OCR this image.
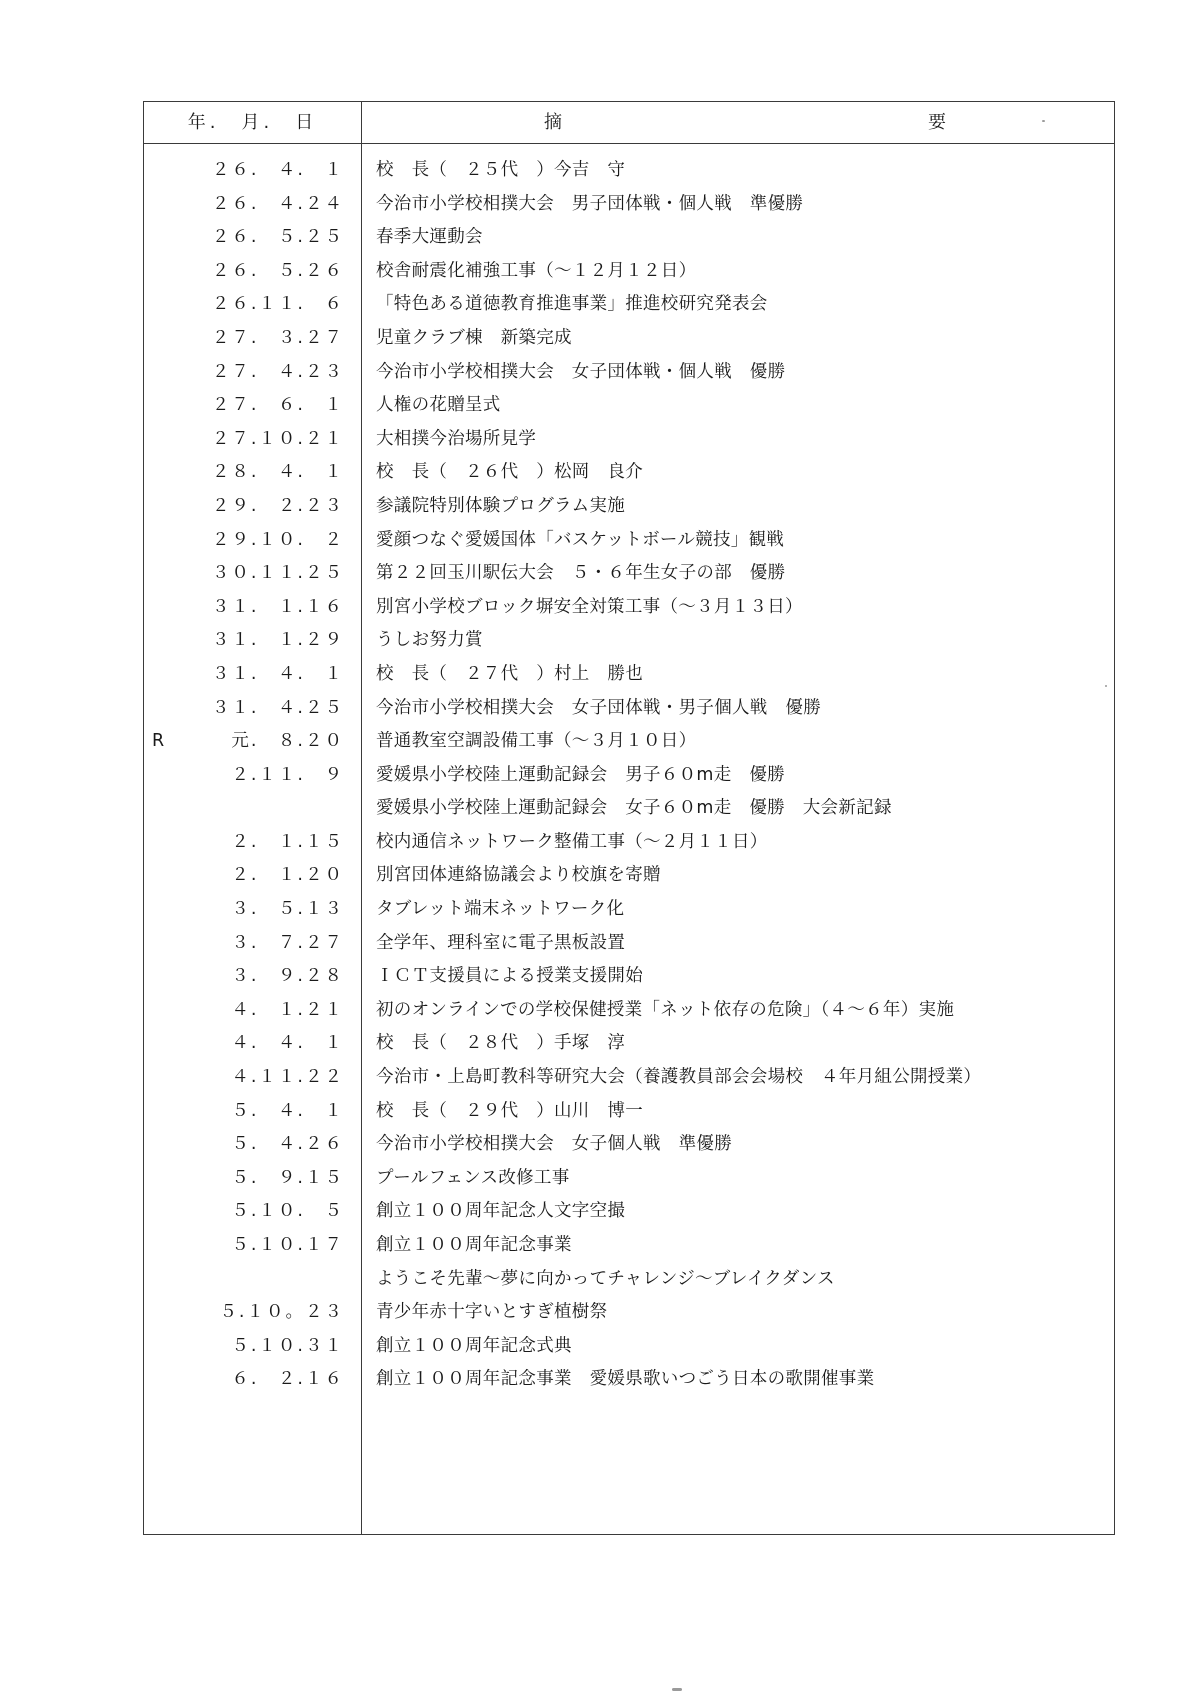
年.　月.　日	摘	要
２６.　４.　１ 校　長（　２５代　）今吉　守
２６.　４.２４ 今治市小学校相撲大会　男子団体戦・個人戦　準優勝
２６.　５.２５ 春季大運動会
２６.　５.２６ 校舎耐震化補強工事（～１２月１２日）
２６.１１.　６ 「特色ある道徳教育推進事業」推進校研究発表会
２７.　３.２７ 児童クラブ棟　新築完成
２７.　４.２３ 今治市小学校相撲大会　女子団体戦・個人戦　優勝
２７.　６.　１ 人権の花贈呈式
２７.１０.２１ 大相撲今治場所見学
２８.　４.　１ 校　長（　２６代　）松岡　良介
２９.　２.２３ 参議院特別体験プログラム実施
２９.１０.　２ 愛顔つなぐ愛媛国体「バスケットボール競技」観戦
３０.１１.２５ 第２２回玉川駅伝大会　５・６年生女子の部　優勝
３１.　１.１６ 別宮小学校ブロック塀安全対策工事（～３月１３日）
３１.　１.２９ うしお努力賞
３１.　４.　１ 校　長（　２７代　）村上　勝也
３１.　４.２５ 今治市小学校相撲大会　女子団体戦・男子個人戦　優勝
R	元.　８.２０ 普通教室空調設備工事（～３月１０日）
２.１１.　９ 愛媛県小学校陸上運動記録会　男子６０m走　優勝
愛媛県小学校陸上運動記録会　女子６０m走　優勝　大会新記録
２.　１.１５ 校内通信ネットワーク整備工事（～２月１１日）
２.　１.２０ 別宮団体連絡協議会より校旗を寄贈
３.　５.１３ タブレット端末ネットワーク化
３.　７.２７ 全学年、理科室に電子黒板設置
３.　９.２８ ＩＣＴ支援員による授業支援開始
４.　１.２１ 初のオンラインでの学校保健授業「ネット依存の危険」（４～６年）実施
４.　４.　１ 校　長（　２８代　）手塚　淳
４.１１.２２ 今治市・上島町教科等研究大会（養護教員部会会場校　４年月組公開授業）
５.　４.　１ 校　長（　２９代　）山川　博一
５.　４.２６ 今治市小学校相撲大会　女子個人戦　準優勝
５.　９.１５ プールフェンス改修工事
５.１０.　５ 創立１００周年記念人文字空撮
５.１０.１７ 創立１００周年記念事業
ようこそ先輩～夢に向かってチャレンジ～ブレイクダンス
５.１０。２３ 青少年赤十字いとすぎ植樹祭
５.１０.３１ 創立１００周年記念式典
６.　２.１６ 創立１００周年記念事業　愛媛県歌いつごう日本の歌開催事業
